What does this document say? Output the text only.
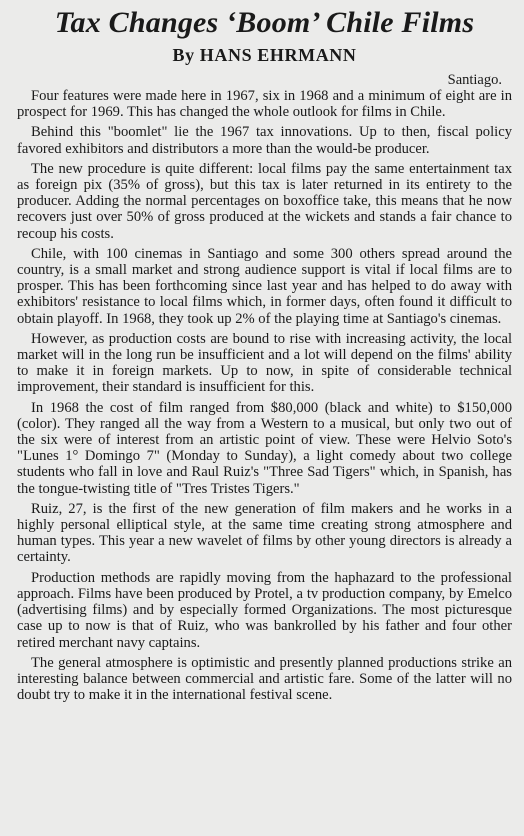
Tax Changes ‘Boom’ Chile Films
By HANS EHRMANN
Santiago.

Four features were made here in 1967, six in 1968 and a minimum of eight are in prospect for 1969. This has changed the whole outlook for films in Chile.

Behind this "boomlet" lie the 1967 tax innovations. Up to then, fiscal policy favored exhibitors and distributors a more than the would-be producer.

The new procedure is quite different: local films pay the same entertainment tax as foreign pix (35% of gross), but this tax is later returned in its entirety to the producer. Adding the normal percentages on boxoffice take, this means that he now recovers just over 50% of gross produced at the wickets and stands a fair chance to recoup his costs.

Chile, with 100 cinemas in Santiago and some 300 others spread around the country, is a small market and strong audience support is vital if local films are to prosper. This has been forthcoming since last year and has helped to do away with exhibitors' resistance to local films which, in former days, often found it difficult to obtain playoff. In 1968, they took up 2% of the playing time at Santiago's cinemas.

However, as production costs are bound to rise with increasing activity, the local market will in the long run be insufficient and a lot will depend on the films' ability to make it in foreign markets. Up to now, in spite of considerable technical improvement, their standard is insufficient for this.

In 1968 the cost of film ranged from $80,000 (black and white) to $150,000 (color). They ranged all the way from a Western to a musical, but only two out of the six were of interest from an artistic point of view. These were Helvio Soto's "Lunes 1° Domingo 7" (Monday to Sunday), a light comedy about two college students who fall in love and Raul Ruiz's "Three Sad Tigers" which, in Spanish, has the tongue-twisting title of "Tres Tristes Tigers."

Ruiz, 27, is the first of the new generation of film makers and he works in a highly personal elliptical style, at the same time creating strong atmosphere and human types. This year a new wavelet of films by other young directors is already a certainty.

Production methods are rapidly moving from the haphazard to the professional approach. Films have been produced by Protel, a tv production company, by Emelco (advertising films) and by especially formed Organizations. The most picturesque case up to now is that of Ruiz, who was bankrolled by his father and four other retired merchant navy captains.

The general atmosphere is optimistic and presently planned productions strike an interesting balance between commercial and artistic fare. Some of the latter will no doubt try to make it in the international festival scene.
